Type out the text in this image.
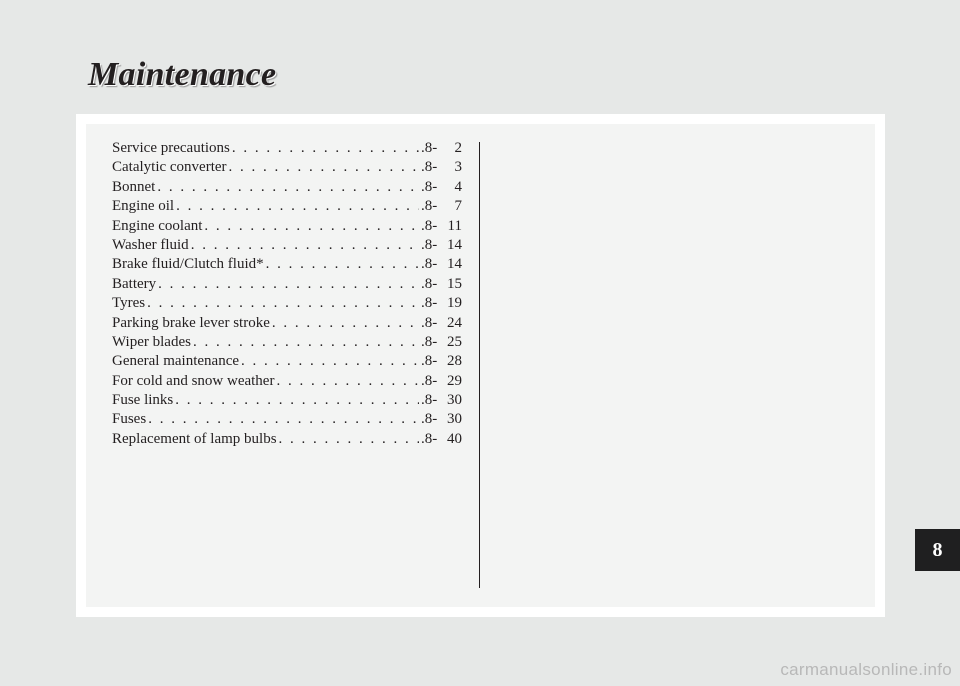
Maintenance
Service precautions . . .	.8-	2
Catalytic converter . . .	.8-	3
Bonnet . . .	.8-	4
Engine oil . . .	.8-	7
Engine coolant . . .	.8- 11
Washer fluid . . .	.8- 14
Brake fluid/Clutch fluid* . . .	.8- 14
Battery . . .	.8- 15
Tyres . . .	.8- 19
Parking brake lever stroke . . .	.8- 24
Wiper blades . . .	.8- 25
General maintenance . . .	.8- 28
For cold and snow weather . . .	.8- 29
Fuse links . . .	.8- 30
Fuses . . .	.8- 30
Replacement of lamp bulbs . . .	.8- 40
8
carmanualsonline.info
